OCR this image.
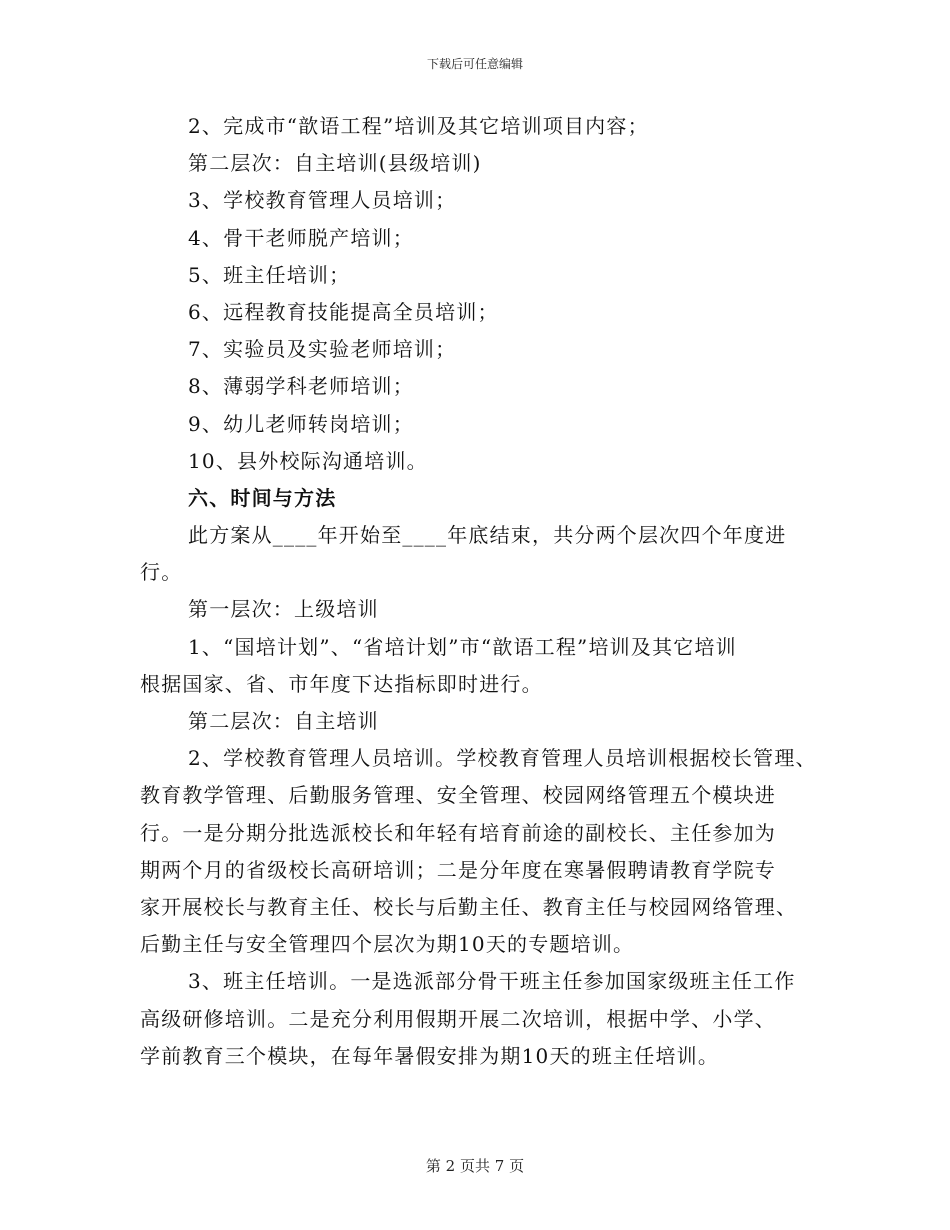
下载后可任意编辑
2、完成市“歆语工程”培训及其它培训项目内容；
第二层次：自主培训(县级培训)
3、学校教育管理人员培训；
4、骨干老师脱产培训；
5、班主任培训；
6、远程教育技能提高全员培训；
7、实验员及实验老师培训；
8、薄弱学科老师培训；
9、幼儿老师转岗培训；
10、县外校际沟通培训。
六、时间与方法
此方案从____年开始至____年底结束，共分两个层次四个年度进
行。
第一层次：上级培训
1、“国培计划”、“省培计划”市“歆语工程”培训及其它培训
根据国家、省、市年度下达指标即时进行。
第二层次：自主培训
2、学校教育管理人员培训。学校教育管理人员培训根据校长管理、
教育教学管理、后勤服务管理、安全管理、校园网络管理五个模块进
行。一是分期分批选派校长和年轻有培育前途的副校长、主任参加为
期两个月的省级校长高研培训；二是分年度在寒暑假聘请教育学院专
家开展校长与教育主任、校长与后勤主任、教育主任与校园网络管理、
后勤主任与安全管理四个层次为期10天的专题培训。
3、班主任培训。一是选派部分骨干班主任参加国家级班主任工作
高级研修培训。二是充分利用假期开展二次培训，根据中学、小学、
学前教育三个模块，在每年暑假安排为期10天的班主任培训。
第 2 页共 7 页
